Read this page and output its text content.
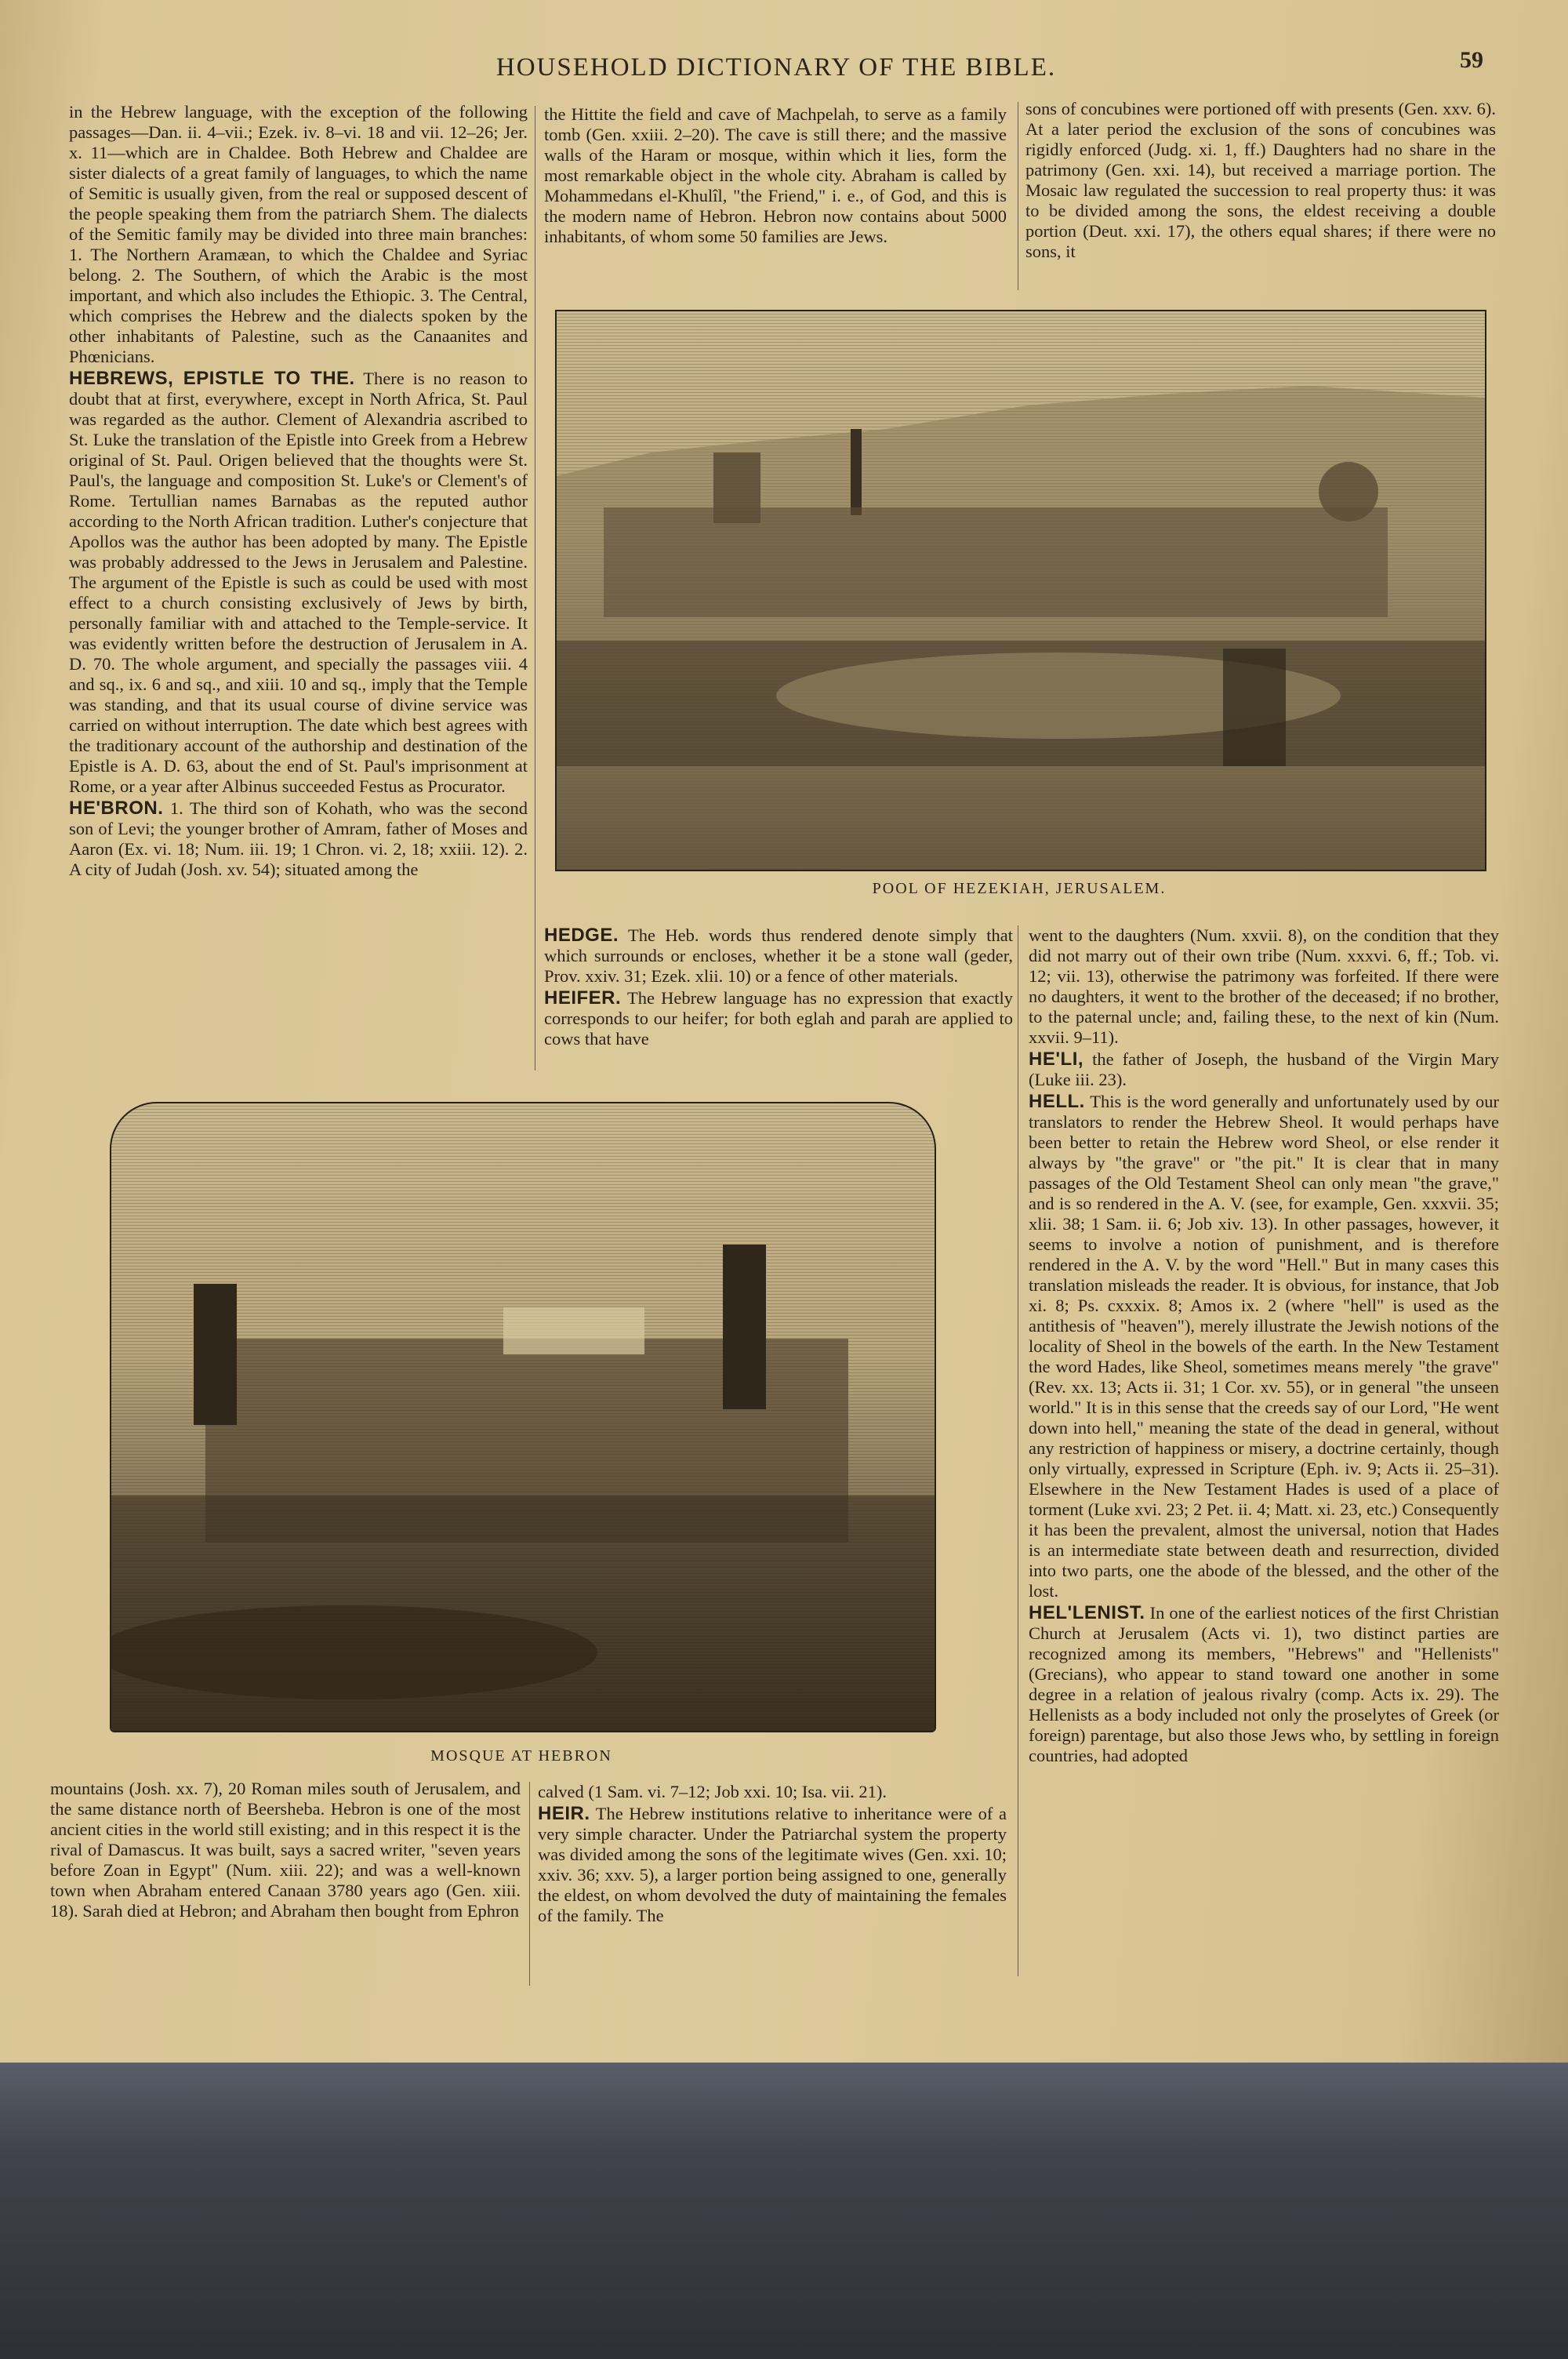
HOUSEHOLD DICTIONARY OF THE BIBLE.	59

in the Hebrew language, with the exception of the following passages—Dan. ii. 4–vii.; Ezek. iv. 8–vi. 18 and vii. 12–26; Jer. x. 11—which are in Chaldee. Both Hebrew and Chaldee are sister dialects of a great family of languages, to which the name of Semitic is usually given, from the real or supposed descent of the people speaking them from the patriarch Shem. The dialects of the Semitic family may be divided into three main branches: 1. The Northern Aramæan, to which the Chaldee and Syriac belong. 2. The Southern, of which the Arabic is the most important, and which also includes the Ethiopic. 3. The Central, which comprises the Hebrew and the dialects spoken by the other inhabitants of Palestine, such as the Canaanites and Phœnicians.

HEBREWS, EPISTLE TO THE. There is no reason to doubt that at first, everywhere, except in North Africa, St. Paul was regarded as the author. Clement of Alexandria ascribed to St. Luke the translation of the Epistle into Greek from a Hebrew original of St. Paul. Origen believed that the thoughts were St. Paul's, the language and composition St. Luke's or Clement's of Rome. Tertullian names Barnabas as the reputed author according to the North African tradition. Luther's conjecture that Apollos was the author has been adopted by many. The Epistle was probably addressed to the Jews in Jerusalem and Palestine. The argument of the Epistle is such as could be used with most effect to a church consisting exclusively of Jews by birth, personally familiar with and attached to the Temple-service. It was evidently written before the destruction of Jerusalem in A. D. 70. The whole argument, and specially the passages viii. 4 and sq., ix. 6 and sq., and xiii. 10 and sq., imply that the Temple was standing, and that its usual course of divine service was carried on without interruption. The date which best agrees with the traditionary account of the authorship and destination of the Epistle is A. D. 63, about the end of St. Paul's imprisonment at Rome, or a year after Albinus succeeded Festus as Procurator.

HE'BRON. 1. The third son of Kohath, who was the second son of Levi; the younger brother of Amram, father of Moses and Aaron (Ex. vi. 18; Num. iii. 19; 1 Chron. vi. 2, 18; xxiii. 12). 2. A city of Judah (Josh. xv. 54); situated among the

the Hittite the field and cave of Machpelah, to serve as a family tomb (Gen. xxiii. 2–20). The cave is still there; and the massive walls of the Haram or mosque, within which it lies, form the most remarkable object in the whole city. Abraham is called by Mohammedans el-Khulîl, "the Friend," i. e., of God, and this is the modern name of Hebron. Hebron now contains about 5000 inhabitants, of whom some 50 families are Jews.

sons of concubines were portioned off with presents (Gen. xxv. 6). At a later period the exclusion of the sons of concubines was rigidly enforced (Judg. xi. 1, ff.) Daughters had no share in the patrimony (Gen. xxi. 14), but received a marriage portion. The Mosaic law regulated the succession to real property thus: it was to be divided among the sons, the eldest receiving a double portion (Deut. xxi. 17), the others equal shares; if there were no sons, it

POOL OF HEZEKIAH, JERUSALEM.

HEDGE. The Heb. words thus rendered denote simply that which surrounds or encloses, whether it be a stone wall (geder, Prov. xxiv. 31; Ezek. xlii. 10) or a fence of other materials.

HEIFER. The Hebrew language has no expression that exactly corresponds to our heifer; for both eglah and parah are applied to cows that have

went to the daughters (Num. xxvii. 8), on the condition that they did not marry out of their own tribe (Num. xxxvi. 6, ff.; Tob. vi. 12; vii. 13), otherwise the patrimony was forfeited. If there were no daughters, it went to the brother of the deceased; if no brother, to the paternal uncle; and, failing these, to the next of kin (Num. xxvii. 9–11).

HE'LI, the father of Joseph, the husband of the Virgin Mary (Luke iii. 23).

HELL. This is the word generally and unfortunately used by our translators to render the Hebrew Sheol. It would perhaps have been better to retain the Hebrew word Sheol, or else render it always by "the grave" or "the pit." It is clear that in many passages of the Old Testament Sheol can only mean "the grave," and is so rendered in the A. V. (see, for example, Gen. xxxvii. 35; xlii. 38; 1 Sam. ii. 6; Job xiv. 13). In other passages, however, it seems to involve a notion of punishment, and is therefore rendered in the A. V. by the word "Hell." But in many cases this translation misleads the reader. It is obvious, for instance, that Job xi. 8; Ps. cxxxix. 8; Amos ix. 2 (where "hell" is used as the antithesis of "heaven"), merely illustrate the Jewish notions of the locality of Sheol in the bowels of the earth. In the New Testament the word Hades, like Sheol, sometimes means merely "the grave" (Rev. xx. 13; Acts ii. 31; 1 Cor. xv. 55), or in general "the unseen world." It is in this sense that the creeds say of our Lord, "He went down into hell," meaning the state of the dead in general, without any restriction of happiness or misery, a doctrine certainly, though only virtually, expressed in Scripture (Eph. iv. 9; Acts ii. 25–31). Elsewhere in the New Testament Hades is used of a place of torment (Luke xvi. 23; 2 Pet. ii. 4; Matt. xi. 23, etc.) Consequently it has been the prevalent, almost the universal, notion that Hades is an intermediate state between death and resurrection, divided into two parts, one the abode of the blessed, and the other of the lost.

HEL'LENIST. In one of the earliest notices of the first Christian Church at Jerusalem (Acts vi. 1), two distinct parties are recognized among its members, "Hebrews" and "Hellenists" (Grecians), who appear to stand toward one another in some degree in a relation of jealous rivalry (comp. Acts ix. 29). The Hellenists as a body included not only the proselytes of Greek (or foreign) parentage, but also those Jews who, by settling in foreign countries, had adopted

MOSQUE AT HEBRON

mountains (Josh. xx. 7), 20 Roman miles south of Jerusalem, and the same distance north of Beersheba. Hebron is one of the most ancient cities in the world still existing; and in this respect it is the rival of Damascus. It was built, says a sacred writer, "seven years before Zoan in Egypt" (Num. xiii. 22); and was a well-known town when Abraham entered Canaan 3780 years ago (Gen. xiii. 18). Sarah died at Hebron; and Abraham then bought from Ephron

calved (1 Sam. vi. 7–12; Job xxi. 10; Isa. vii. 21).

HEIR. The Hebrew institutions relative to inheritance were of a very simple character. Under the Patriarchal system the property was divided among the sons of the legitimate wives (Gen. xxi. 10; xxiv. 36; xxv. 5), a larger portion being assigned to one, generally the eldest, on whom devolved the duty of maintaining the females of the family. The
